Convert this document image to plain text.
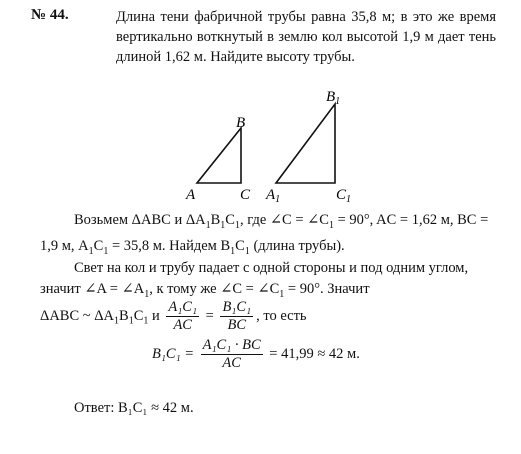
№ 44.	Длина тени фабричной трубы равна 35,8 м; в это же время вертикально воткнутый в землю кол высотой 1,9 м дает тень длиной 1,62 м. Найдите высоту трубы.
A
B
C $A_1$
$B_1$
$C_1$
Возьмем ΔABC и $\Delta A_1B_1C_1$, где ∠C = $\angle C_1 = 90^\circ$, AC = 1,62 м, BC = 1,9 м, $A_1C_1 = 35,8$ м. Найдем $B_1C_1$ (длина трубы).
Свет на кол и трубу падает с одной стороны и под одним углом, значит ∠A = $\angle A_1$, к тому же ∠C = $\angle C_1 = 90^\circ$. Значит
ΔABC ~ $\Delta A_1B_1C_1$ и $\frac{\text{A₁C₁}}{AC} = \frac{\text{B₁C₁}}{BC}$ , то есть
$B_1C_1 = \frac{\text{A₁C₁ · BC}}{AC} = 41,99 \approx 42$ м.
Ответ: B₁C₁ ≈ 42 м.
